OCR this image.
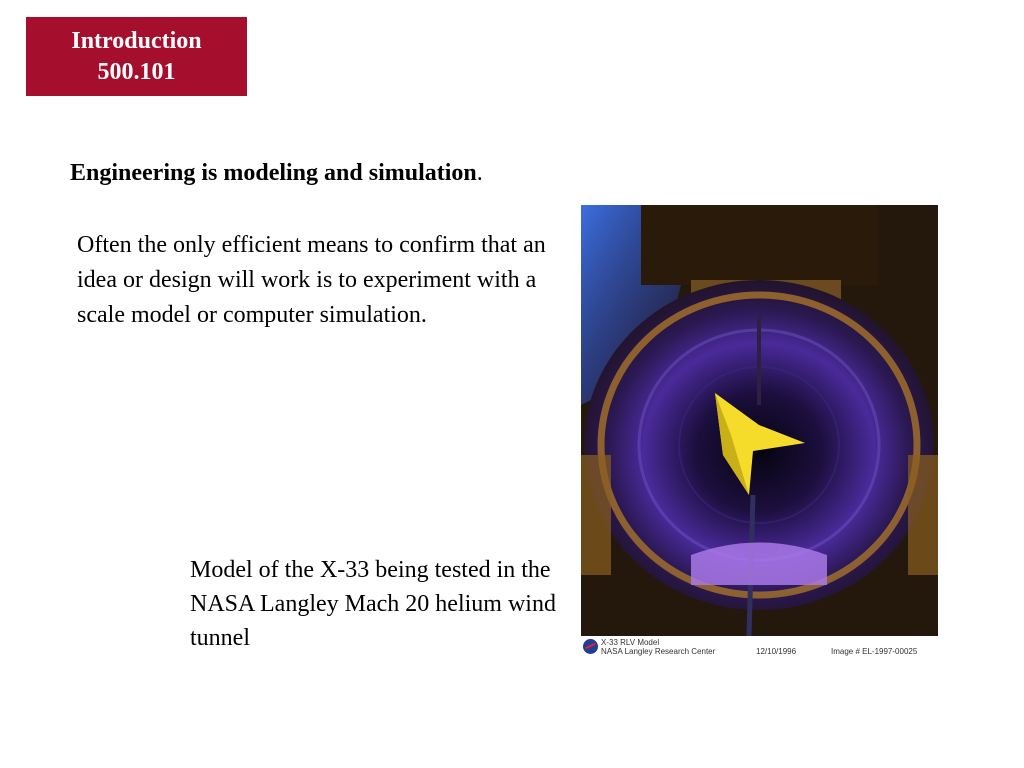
Introduction
500.101
Engineering is modeling and simulation.
Often the only efficient means to confirm that an idea or design will work is to experiment with a scale model or computer simulation.
Model of the X-33 being tested in the NASA Langley Mach 20 helium wind tunnel	X-33 RLV Model
NASA Langley Research Center	12/10/1996	Image # EL-1997-00025
